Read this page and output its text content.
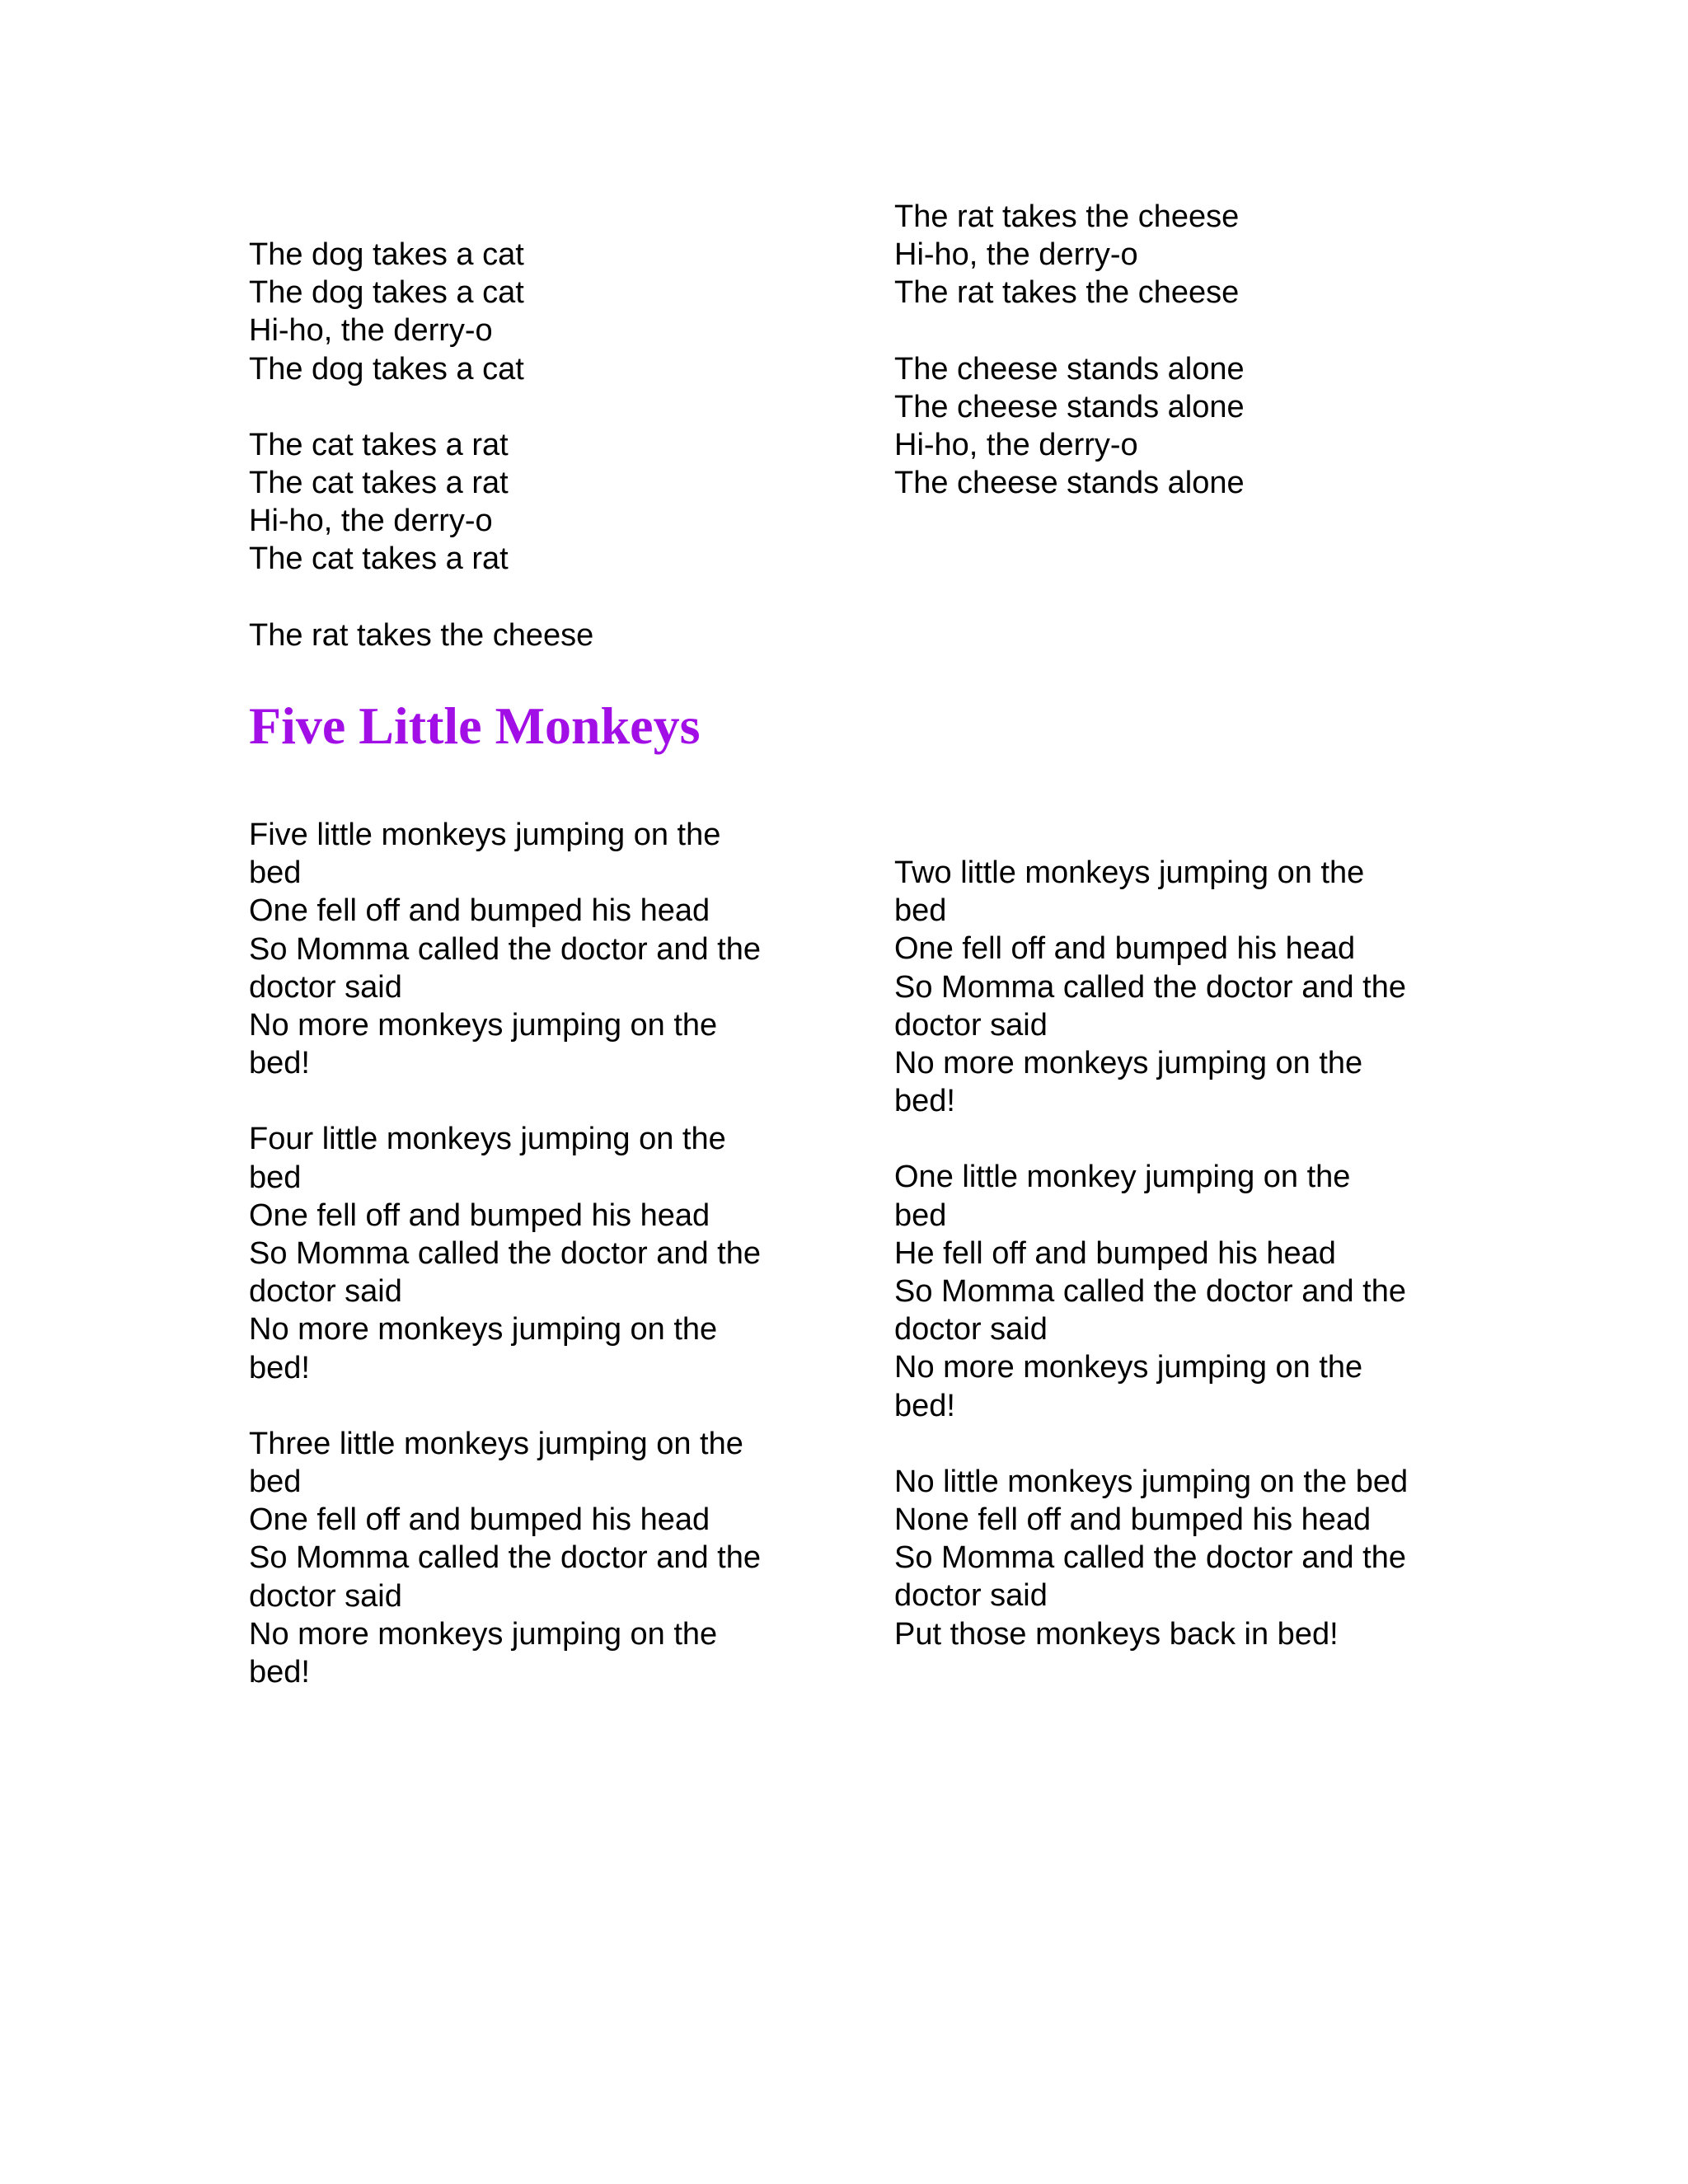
The dog takes a cat
The dog takes a cat
Hi-ho, the derry-o
The dog takes a cat
The cat takes a rat
The cat takes a rat
Hi-ho, the derry-o
The cat takes a rat
The rat takes the cheese
The rat takes the cheese
Hi-ho, the derry-o
The rat takes the cheese
The cheese stands alone
The cheese stands alone
Hi-ho, the derry-o
The cheese stands alone
Five Little Monkeys
Five little monkeys jumping on the
bed
One fell off and bumped his head
So Momma called the doctor and the
doctor said
No more monkeys jumping on the
bed!
Four little monkeys jumping on the
bed
One fell off and bumped his head
So Momma called the doctor and the
doctor said
No more monkeys jumping on the
bed!
Three little monkeys jumping on the
bed
One fell off and bumped his head
So Momma called the doctor and the
doctor said
No more monkeys jumping on the
bed!
Two little monkeys jumping on the
bed
One fell off and bumped his head
So Momma called the doctor and the
doctor said
No more monkeys jumping on the
bed!
One little monkey jumping on the
bed
He fell off and bumped his head
So Momma called the doctor and the
doctor said
No more monkeys jumping on the
bed!
No little monkeys jumping on the bed
None fell off and bumped his head
So Momma called the doctor and the
doctor said
Put those monkeys back in bed!
